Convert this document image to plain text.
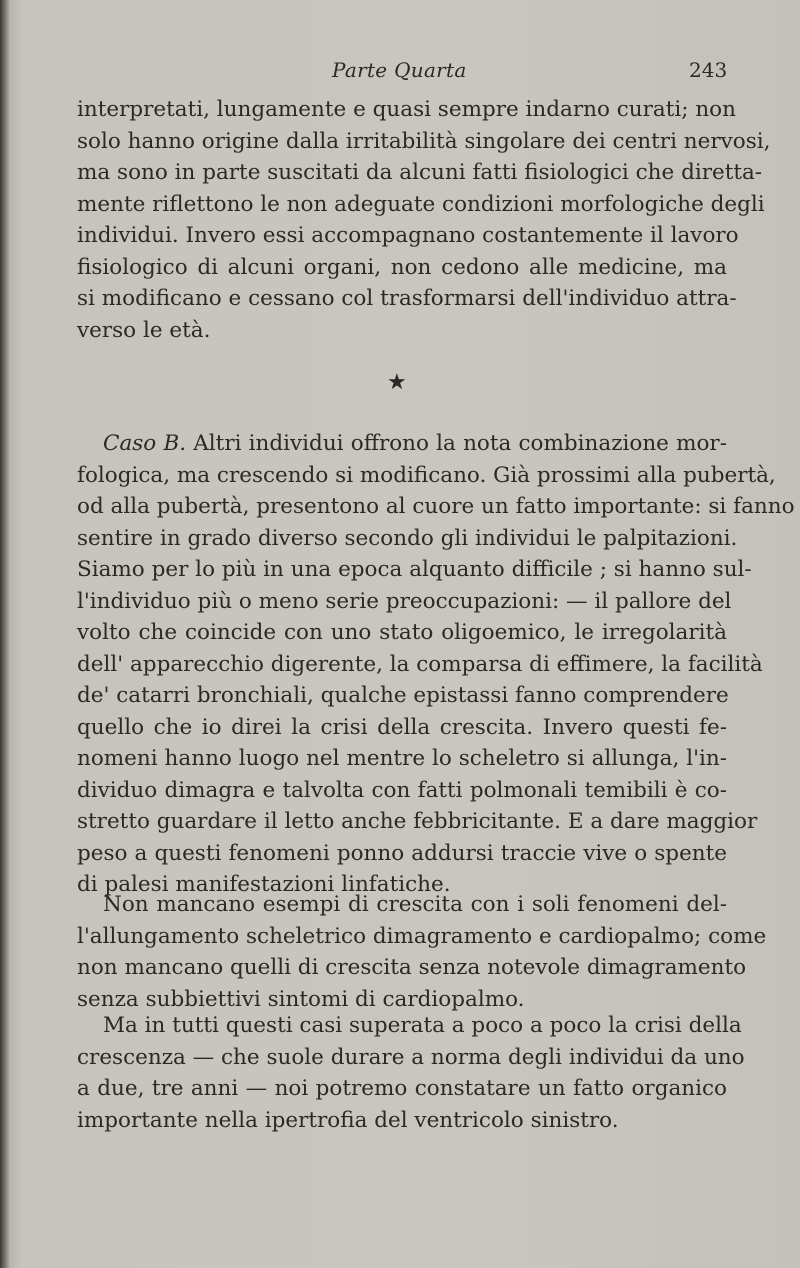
Parte Quarta	243
interpretati, lungamente e quasi sempre indarno curati; non
solo hanno origine dalla irritabilità singolare dei centri nervosi,
ma sono in parte suscitati da alcuni fatti fisiologici che diretta-
mente riflettono le non adeguate condizioni morfologiche degli
individui. Invero essi accompagnano costantemente il lavoro
fisiologico di alcuni organi, non cedono alle medicine, ma
si modificano e cessano col trasformarsi dell'individuo attra-
verso le età.
★
Caso B. Altri individui offrono la nota combinazione mor-
fologica, ma crescendo si modificano. Già prossimi alla pubertà,
od alla pubertà, presentono al cuore un fatto importante: si fanno
sentire in grado diverso secondo gli individui le palpitazioni.
Siamo per lo più in una epoca alquanto difficile ; si hanno sul-
l'individuo più o meno serie preoccupazioni: — il pallore del
volto che coincide con uno stato oligoemico, le irregolarità
dell' apparecchio digerente, la comparsa di effimere, la facilità
de' catarri bronchiali, qualche epistassi fanno comprendere
quello che io direi la crisi della crescita. Invero questi fe-
nomeni hanno luogo nel mentre lo scheletro si allunga, l'in-
dividuo dimagra e talvolta con fatti polmonali temibili è co-
stretto guardare il letto anche febbricitante. E a dare maggior
peso a questi fenomeni ponno addursi traccie vive o spente
di palesi manifestazioni linfatiche.
Non mancano esempi di crescita con i soli fenomeni del-
l'allungamento scheletrico dimagramento e cardiopalmo; come
non mancano quelli di crescita senza notevole dimagramento
senza subbiettivi sintomi di cardiopalmo.
Ma in tutti questi casi superata a poco a poco la crisi della
crescenza — che suole durare a norma degli individui da uno
a due, tre anni — noi potremo constatare un fatto organico
importante nella ipertrofia del ventricolo sinistro.
